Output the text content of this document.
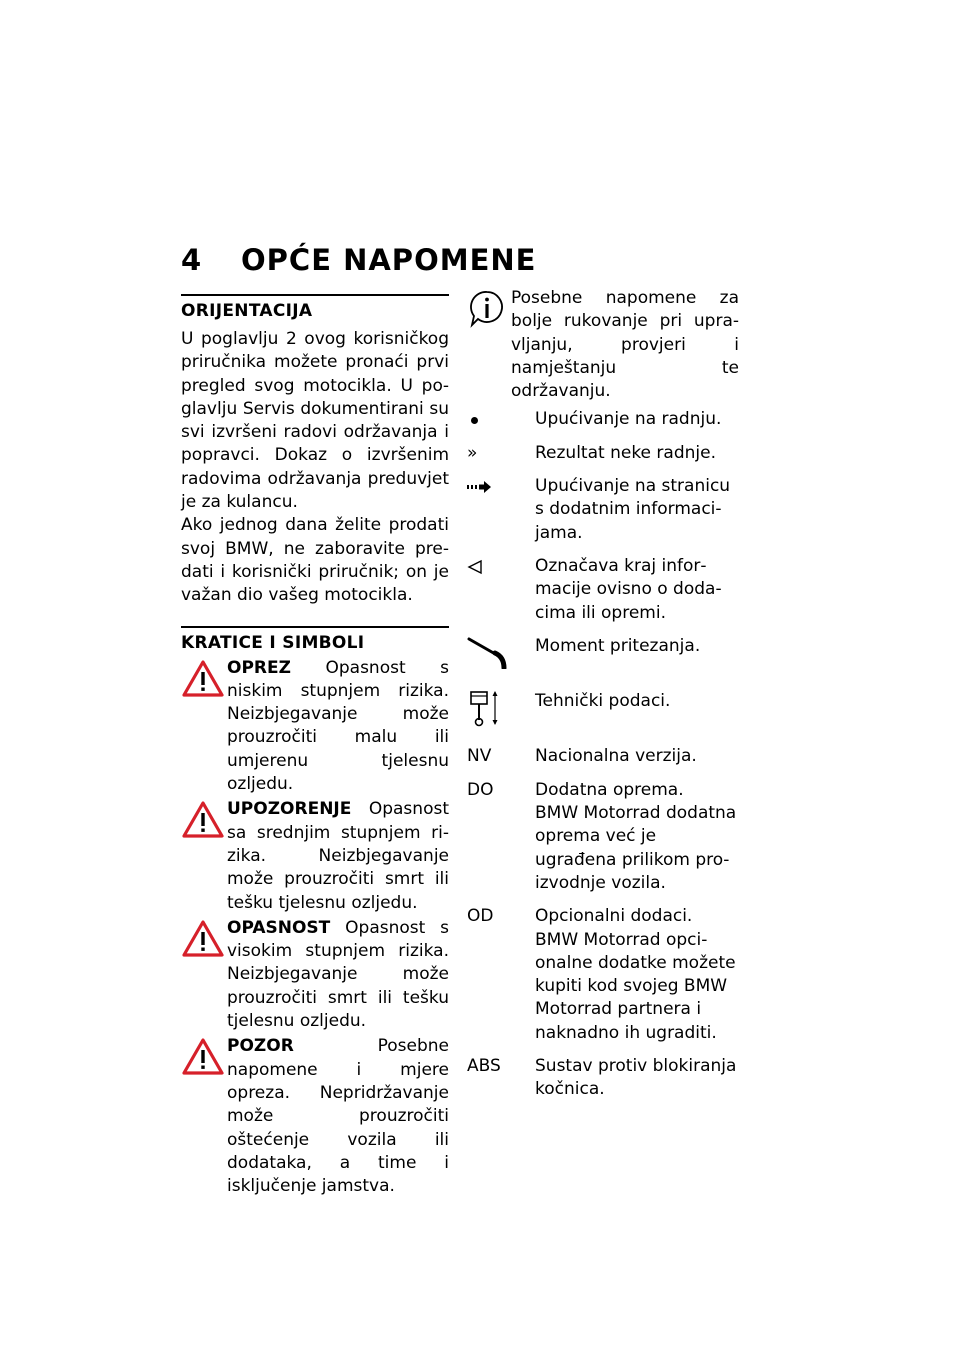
4 OPĆE NAPOMENE
ORIJENTACIJA
U poglavlju 2 ovog korisničkog priručnika možete pronaći prvi pregled svog motocikla. U poglavlju Servis dokumentirani su svi izvršeni radovi održavanja i popravci. Dokaz o izvršenim radovima održavanja preduvjet je za kulancu.
Ako jednog dana želite prodati svoj BMW, ne zaboravite predati i korisnički priručnik; on je važan dio vašeg motocikla.
KRATICE I SIMBOLI
OPREZ Opasnost s niskim stupnjem rizika. Neizbjegavanje može prouzročiti malu ili umjerenu tjelesnu ozljedu.
UPOZORENJE Opasnost sa srednjim stupnjem rizika. Neizbjegavanje može prouzročiti smrt ili tešku tjelesnu ozljedu.
OPASNOST Opasnost s visokim stupnjem rizika. Neizbjegavanje može prouzročiti smrt ili tešku tjelesnu ozljedu.
POZOR	Posebne napomene i mjere opreza. Nepridržavanje može prouzročiti oštećenje vozila ili dodataka, a time i isključenje jamstva.
Posebne napomene za bolje rukovanje pri upravljanju, provjeri i namještanju te održavanju.
Upućivanje na radnju.
»	Rezultat neke radnje.
Upućivanje na stranicu s dodatnim informacijama.
Označava kraj informacije ovisno o dodacima ili opremi.
Moment pritezanja.
Tehnički podaci.
NV	Nacionalna verzija.
DO	Dodatna oprema.
BMW Motorrad dodatna oprema već je ugrađena prilikom proizvodnje vozila.
OD	Opcionalni dodaci.
BMW Motorrad opcionalne dodatke možete kupiti kod svojeg BMW Motorrad partnera i naknadno ih ugraditi.
ABS	Sustav protiv blokiranja kočnica.
